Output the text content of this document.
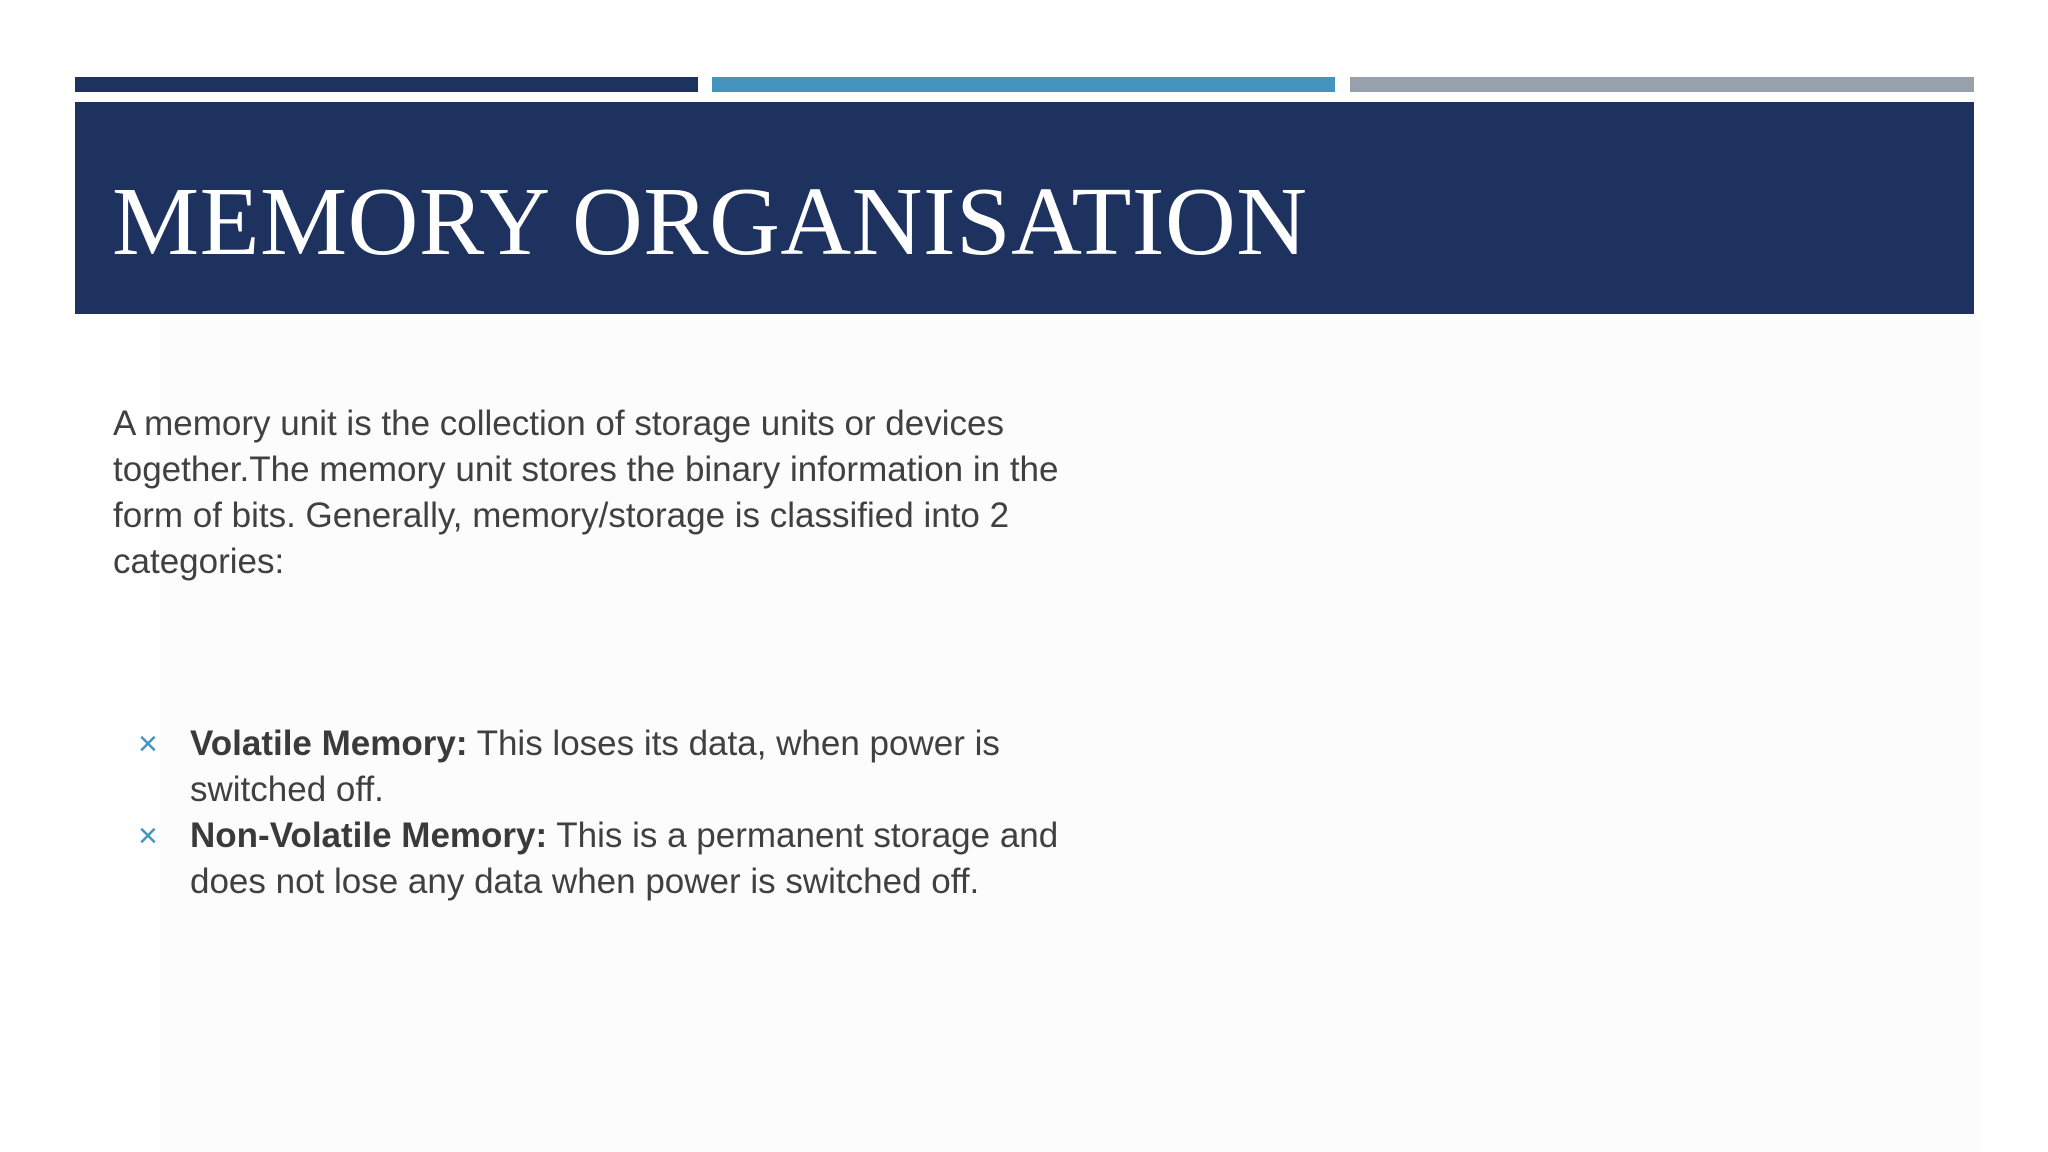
MEMORY ORGANISATION

A memory unit is the collection of storage units or devices together.The memory unit stores the binary information in the form of bits. Generally, memory/storage is classified into 2 categories:

× Volatile Memory: This loses its data, when power is switched off.
× Non-Volatile Memory: This is a permanent storage and does not lose any data when power is switched off.
